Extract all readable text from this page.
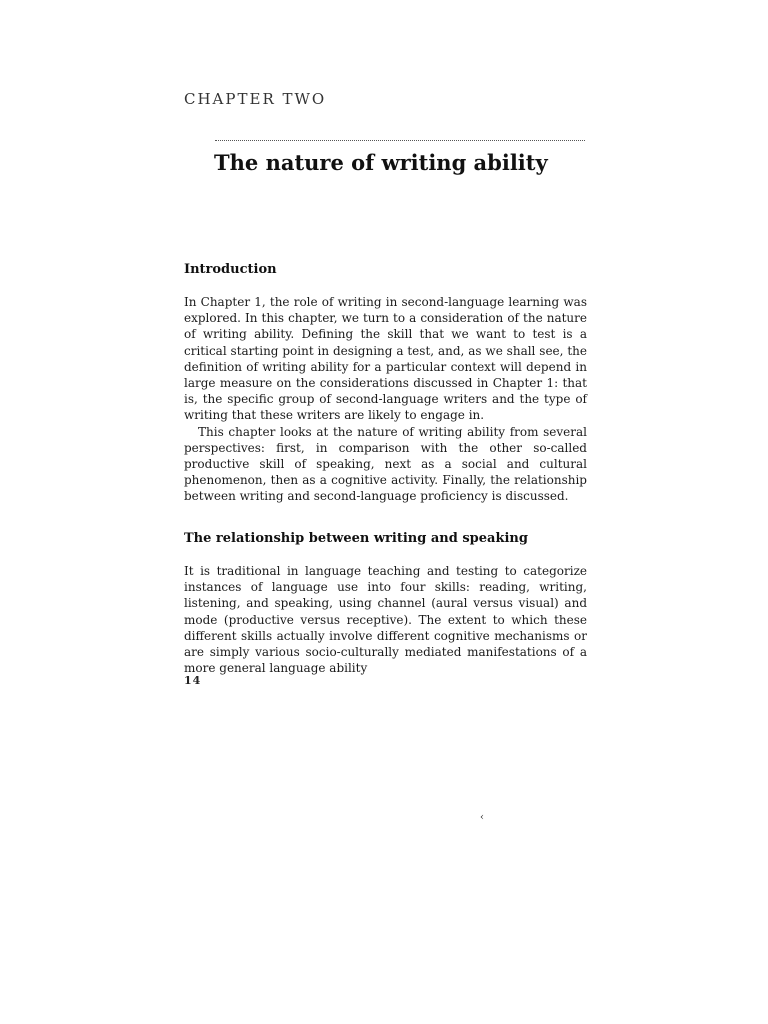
CHAPTER TWO
The nature of writing ability
Introduction

In Chapter 1, the role of writing in second-language learning was explored. In this chapter, we turn to a consideration of the nature of writing ability. Defining the skill that we want to test is a critical starting point in designing a test, and, as we shall see, the definition of writing ability for a particular context will depend in large measure on the considerations discussed in Chapter 1: that is, the specific group of second-language writers and the type of writing that these writers are likely to engage in.

This chapter looks at the nature of writing ability from several perspectives: first, in comparison with the other so-called productive skill of speaking, next as a social and cultural phenomenon, then as a cognitive activity. Finally, the relationship between writing and second-language proficiency is discussed.

The relationship between writing and speaking

It is traditional in language teaching and testing to categorize instances of language use into four skills: reading, writing, listening, and speaking, using channel (aural versus visual) and mode (productive versus receptive). The extent to which these different skills actually involve different cognitive mechanisms or are simply various socio-culturally mediated manifestations of a more general language ability

14
‹
